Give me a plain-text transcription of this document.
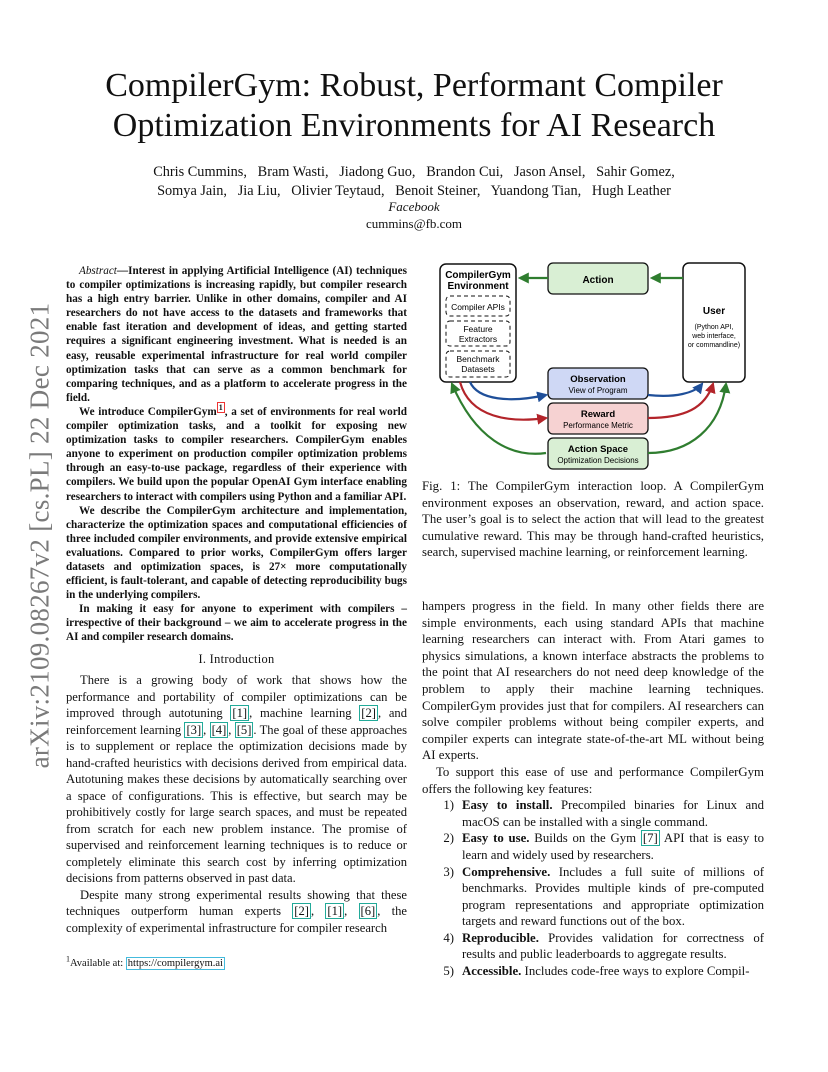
arXiv:2109.08267v2 [cs.PL] 22 Dec 2021
CompilerGym: Robust, Performant Compiler Optimization Environments for AI Research
Chris Cummins,   Bram Wasti,   Jiadong Guo,   Brandon Cui,   Jason Ansel,   Sahir Gomez,
Somya Jain,   Jia Liu,   Olivier Teytaud,   Benoit Steiner,   Yuandong Tian,   Hugh Leather
Facebook
cummins@fb.com

Abstract—Interest in applying Artificial Intelligence (AI) techniques to compiler optimizations is increasing rapidly, but compiler research has a high entry barrier. Unlike in other domains, compiler and AI researchers do not have access to the datasets and frameworks that enable fast iteration and development of ideas, and getting started requires a significant engineering investment. What is needed is an easy, reusable experimental infrastructure for real world compiler optimization tasks that can serve as a common benchmark for comparing techniques, and as a platform to accelerate progress in the field.

We introduce CompilerGym $^1$ , a set of environments for real world compiler optimization tasks, and a toolkit for exposing new optimization tasks to compiler researchers. CompilerGym enables anyone to experiment on production compiler optimization problems through an easy-to-use package, regardless of their experience with compilers. We build upon the popular OpenAI Gym interface enabling researchers to interact with compilers using Python and a familiar API.

We describe the CompilerGym architecture and implementation, characterize the optimization spaces and computational efficiencies of three included compiler environments, and provide extensive empirical evaluations. Compared to prior works, CompilerGym offers larger datasets and optimization spaces, is 27× more computationally efficient, is fault-tolerant, and capable of detecting reproducibility bugs in the underlying compilers.

In making it easy for anyone to experiment with compilers – irrespective of their background – we aim to accelerate progress in the AI and compiler research domains.

I. Introduction

There is a growing body of work that shows how the performance and portability of compiler optimizations can be improved through autotuning [1] , machine learning [2] , and reinforcement learning [3] , [4] , [5] . The goal of these approaches is to supplement or replace the optimization decisions made by hand-crafted heuristics with decisions derived from empirical data. Autotuning makes these decisions by automatically searching over a space of configurations. This is effective, but search may be prohibitively costly for large search spaces, and must be repeated from scratch for each new problem instance. The promise of supervised and reinforcement learning techniques is to reduce or completely eliminate this search cost by inferring optimization decisions from patterns observed in past data.

Despite many strong experimental results showing that these techniques outperform human experts [2] , [1] , [6] , the complexity of experimental infrastructure for compiler research

$^1$Available at: https://compilergym.ai
CompilerGym
Environment
Compiler APIs
Feature
Extractors
Benchmark
Datasets
Action
User
(Python API,
web interface,
or commandline)
Observation
View of Program
Reward
Performance Metric
Action Space
Optimization Decisions
Fig. 1: The CompilerGym interaction loop. A CompilerGym environment exposes an observation, reward, and action space. The user’s goal is to select the action that will lead to the greatest cumulative reward. This may be through hand-crafted heuristics, search, supervised machine learning, or reinforcement learning.

hampers progress in the field. In many other fields there are simple environments, each using standard APIs that machine learning researchers can interact with. From Atari games to physics simulations, a known interface abstracts the problems to the point that AI researchers do not need deep knowledge of the problem to apply their machine learning techniques. CompilerGym provides just that for compilers. AI researchers can solve compiler problems without being compiler experts, and compiler experts can integrate state-of-the-art ML without being AI experts.

To support this ease of use and performance CompilerGym offers the following key features:

1) Easy to install. Precompiled binaries for Linux and macOS can be installed with a single command.

2) Easy to use. Builds on the Gym [7] API that is easy to learn and widely used by researchers.

3) Comprehensive. Includes a full suite of millions of benchmarks. Provides multiple kinds of pre-computed program representations and appropriate optimization targets and reward functions out of the box.

4) Reproducible. Provides validation for correctness of results and public leaderboards to aggregate results.

5) Accessible. Includes code-free ways to explore Compil-
